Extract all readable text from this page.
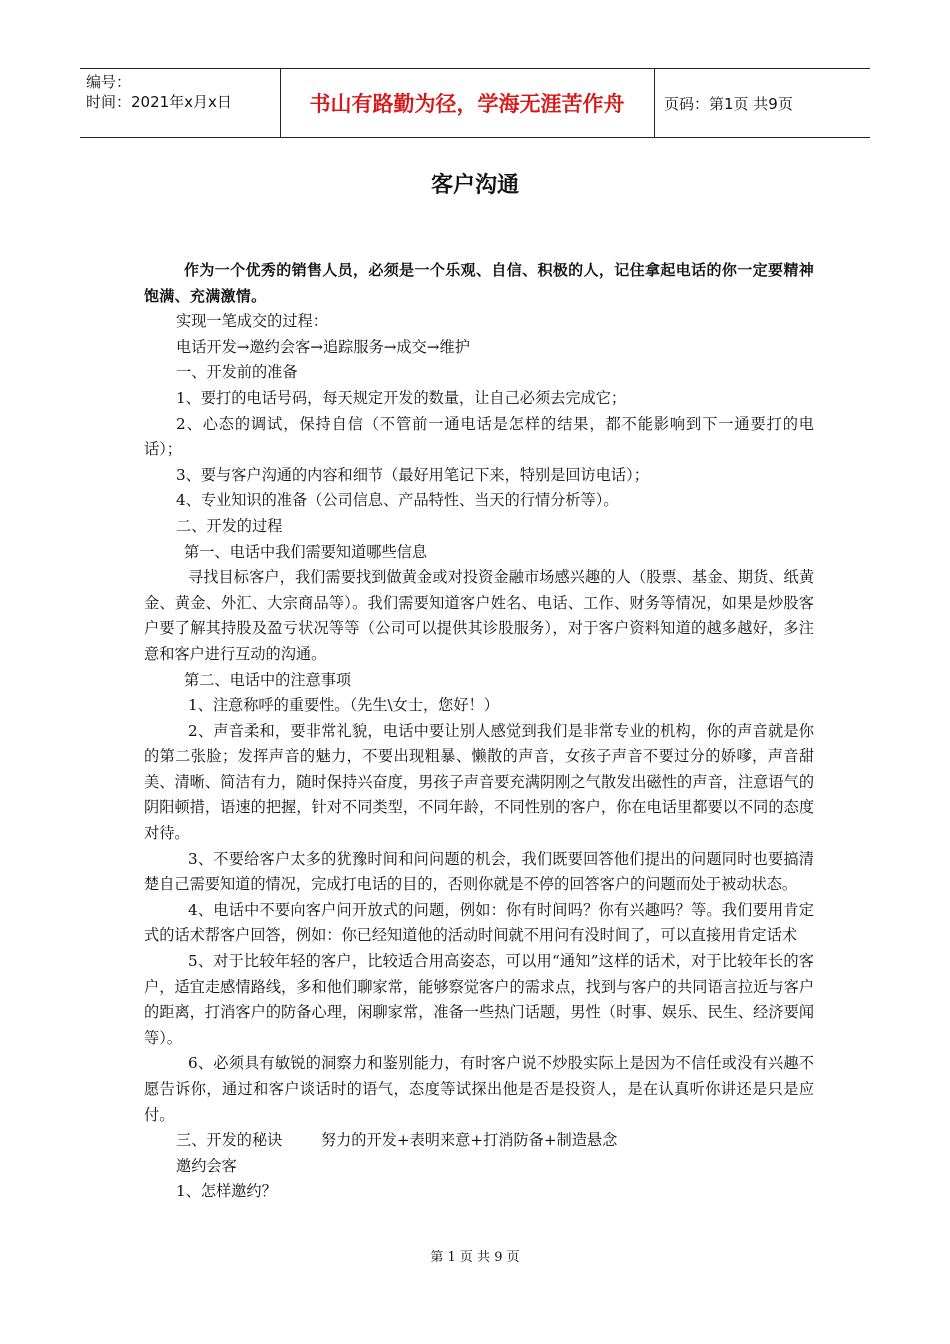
编号：
时间：2021年x月x日	书山有路勤为径，学海无涯苦作舟	页码：第1页 共9页
客户沟通

作为一个优秀的销售人员，必须是一个乐观、自信、积极的人，记住拿起电话的你一定要精神饱满、充满激情。

实现一笔成交的过程：

电话开发→邀约会客→追踪服务→成交→维护

一、开发前的准备

1、要打的电话号码，每天规定开发的数量，让自己必须去完成它；

2、心态的调试，保持自信（不管前一通电话是怎样的结果，都不能影响到下一通要打的电话）；

3、要与客户沟通的内容和细节（最好用笔记下来，特别是回访电话）；

4、专业知识的准备（公司信息、产品特性、当天的行情分析等）。

二、开发的过程

第一、电话中我们需要知道哪些信息

寻找目标客户，我们需要找到做黄金或对投资金融市场感兴趣的人（股票、基金、期货、纸黄金、黄金、外汇、大宗商品等）。我们需要知道客户姓名、电话、工作、财务等情况，如果是炒股客户要了解其持股及盈亏状况等等（公司可以提供其诊股服务），对于客户资料知道的越多越好，多注意和客户进行互动的沟通。

第二、电话中的注意事项

1、注意称呼的重要性。（先生\女士，您好！）

2、声音柔和，要非常礼貌，电话中要让别人感觉到我们是非常专业的机构，你的声音就是你的第二张脸；发挥声音的魅力，不要出现粗暴、懒散的声音，女孩子声音不要过分的娇嗲，声音甜美、清晰、简洁有力，随时保持兴奋度，男孩子声音要充满阴刚之气散发出磁性的声音，注意语气的阴阳顿措，语速的把握，针对不同类型，不同年龄，不同性别的客户，你在电话里都要以不同的态度对待。

3、不要给客户太多的犹豫时间和问问题的机会，我们既要回答他们提出的问题同时也要搞清楚自己需要知道的情况，完成打电话的目的，否则你就是不停的回答客户的问题而处于被动状态。

4、电话中不要向客户问开放式的问题，例如：你有时间吗？你有兴趣吗？等。我们要用肯定式的话术帮客户回答，例如：你已经知道他的活动时间就不用问有没时间了，可以直接用肯定话术

5、对于比较年轻的客户，比较适合用高姿态，可以用“通知”这样的话术，对于比较年长的客户，适宜走感情路线，多和他们聊家常，能够察觉客户的需求点，找到与客户的共同语言拉近与客户的距离，打消客户的防备心理，闲聊家常，准备一些热门话题，男性（时事、娱乐、民生、经济要闻等）。

6、必须具有敏锐的洞察力和鉴别能力，有时客户说不炒股实际上是因为不信任或没有兴趣不愿告诉你，通过和客户谈话时的语气，态度等试探出他是否是投资人，是在认真听你讲还是只是应付。

三、开发的秘诀        努力的开发+表明来意+打消防备+制造悬念

邀约会客

1、怎样邀约？

第 1 页 共 9 页
